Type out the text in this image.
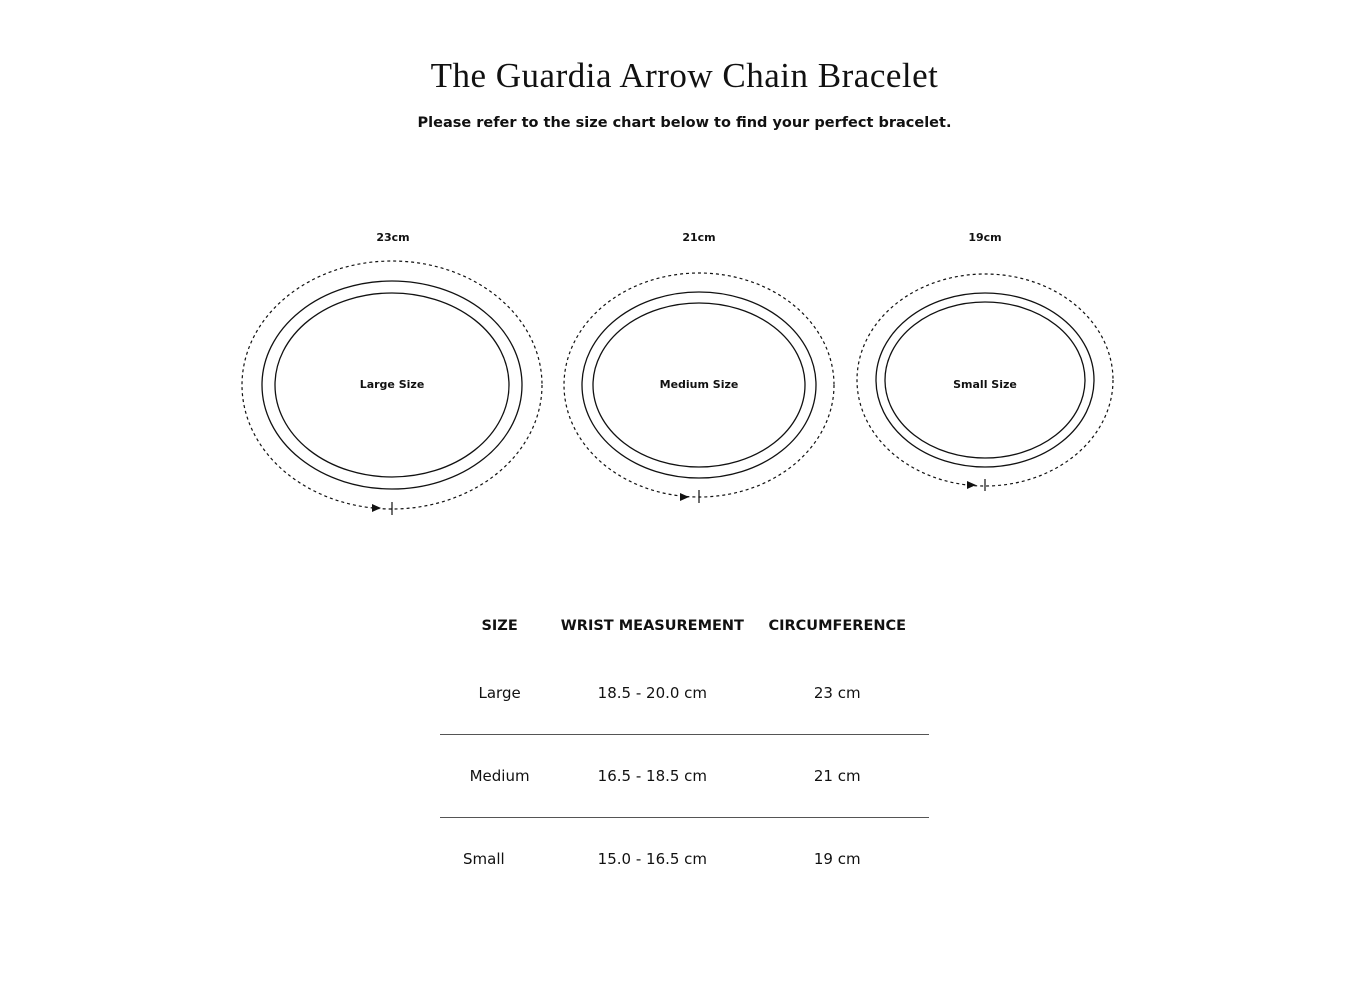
The Guardia Arrow Chain Bracelet

Please refer to the size chart below to find your perfect bracelet.

23cm
Large Size
21cm
Medium Size
19cm
Small Size
SIZE	WRIST MEASUREMENT	CIRCUMFERENCE
Large	18.5 - 20.0 cm	23 cm
Medium	16.5 - 18.5 cm	21 cm
Small	15.0 - 16.5 cm	19 cm
